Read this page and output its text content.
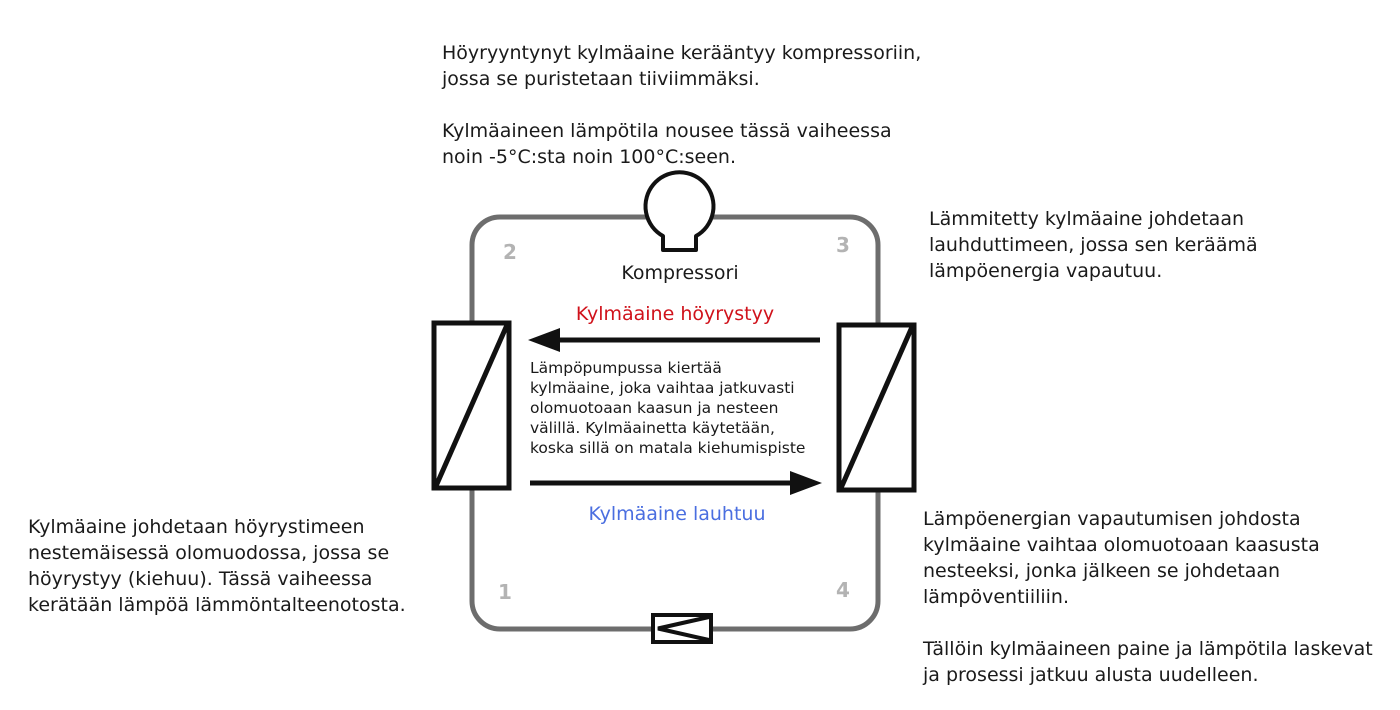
Höyryyntynyt kylmäaine kerääntyy kompressoriin,

jossa se puristetaan tiiviimmäksi.

Kylmäaineen lämpötila nousee tässä vaiheessa

noin -5°C:sta noin 100°C:seen.

Lämmitetty kylmäaine johdetaan

lauhduttimeen, jossa sen keräämä

lämpöenergia vapautuu.

Kylmäaine johdetaan höyrystimeen

nestemäisessä olomuodossa, jossa se

höyrystyy (kiehuu). Tässä vaiheessa

kerätään lämpöä lämmöntalteenotosta.

Lämpöenergian vapautumisen johdosta

kylmäaine vaihtaa olomuotoaan kaasusta

nesteeksi, jonka jälkeen se johdetaan

lämpöventiiliin.

Tällöin kylmäaineen paine ja lämpötila laskevat

ja prosessi jatkuu alusta uudelleen.

Kompressori
Kylmäaine höyrystyy
Kylmäaine lauhtuu
2	3
1	4
Lämpöpumpussa kiertää
kylmäaine, joka vaihtaa jatkuvasti
olomuotoaan kaasun ja nesteen
välillä. Kylmäainetta käytetään,
koska sillä on matala kiehumispiste
